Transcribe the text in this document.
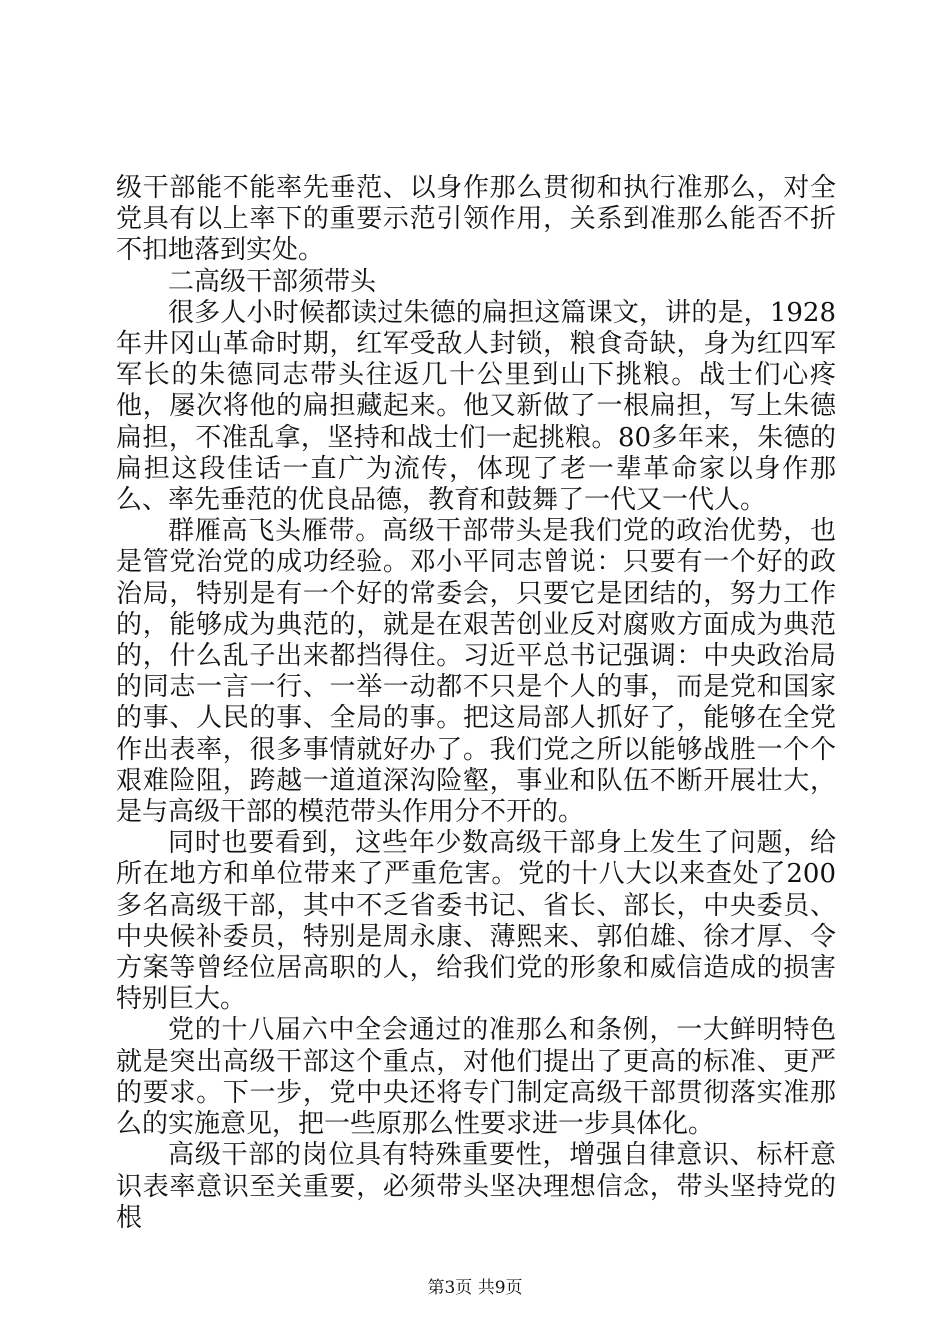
级干部能不能率先垂范、以身作那么贯彻和执行准那么，对全党具有以上率下的重要示范引领作用，关系到准那么能否不折不扣地落到实处。

二高级干部须带头

很多人小时候都读过朱德的扁担这篇课文，讲的是，1928年井冈山革命时期，红军受敌人封锁，粮食奇缺，身为红四军军长的朱德同志带头往返几十公里到山下挑粮。战士们心疼他，屡次将他的扁担藏起来。他又新做了一根扁担，写上朱德扁担，不准乱拿，坚持和战士们一起挑粮。80多年来，朱德的扁担这段佳话一直广为流传，体现了老一辈革命家以身作那么、率先垂范的优良品德，教育和鼓舞了一代又一代人。

群雁高飞头雁带。高级干部带头是我们党的政治优势，也是管党治党的成功经验。邓小平同志曾说：只要有一个好的政治局，特别是有一个好的常委会，只要它是团结的，努力工作的，能够成为典范的，就是在艰苦创业反对腐败方面成为典范的，什么乱子出来都挡得住。习近平总书记强调：中央政治局的同志一言一行、一举一动都不只是个人的事，而是党和国家的事、人民的事、全局的事。把这局部人抓好了，能够在全党作出表率，很多事情就好办了。我们党之所以能够战胜一个个艰难险阻，跨越一道道深沟险壑，事业和队伍不断开展壮大，是与高级干部的模范带头作用分不开的。

同时也要看到，这些年少数高级干部身上发生了问题，给所在地方和单位带来了严重危害。党的十八大以来查处了200多名高级干部，其中不乏省委书记、省长、部长，中央委员、中央候补委员，特别是周永康、薄熙来、郭伯雄、徐才厚、令方案等曾经位居高职的人，给我们党的形象和威信造成的损害特别巨大。

党的十八届六中全会通过的准那么和条例，一大鲜明特色就是突出高级干部这个重点，对他们提出了更高的标准、更严的要求。下一步，党中央还将专门制定高级干部贯彻落实准那么的实施意见，把一些原那么性要求进一步具体化。

高级干部的岗位具有特殊重要性，增强自律意识、标杆意识表率意识至关重要，必须带头坚决理想信念，带头坚持党的根

第3页 共9页
